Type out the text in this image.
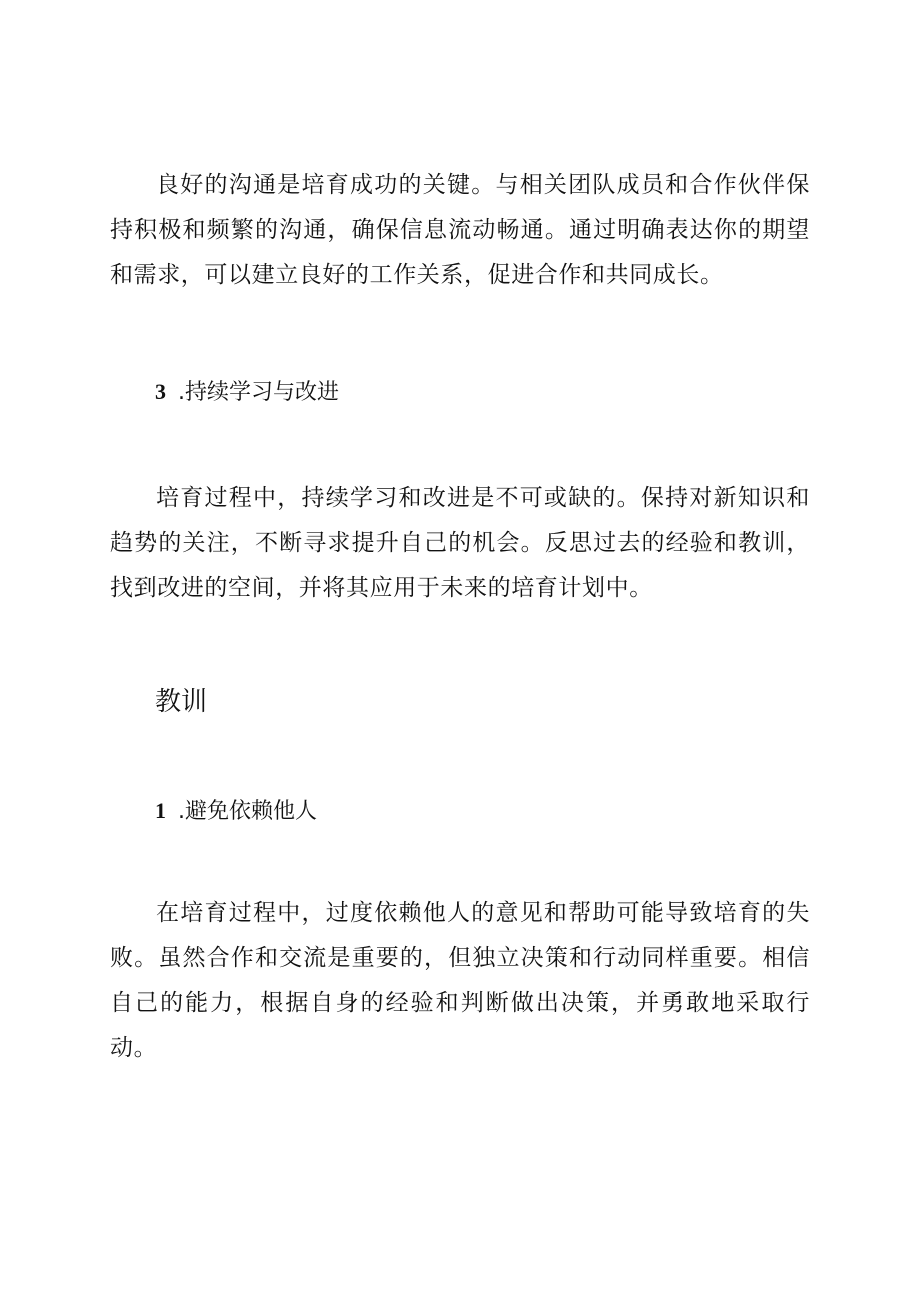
良好的沟通是培育成功的关键。与相关团队成员和合作伙伴保持积极和频繁的沟通，确保信息流动畅通。通过明确表达你的期望和需求，可以建立良好的工作关系，促进合作和共同成长。

3 .持续学习与改进

培育过程中，持续学习和改进是不可或缺的。保持对新知识和趋势的关注，不断寻求提升自己的机会。反思过去的经验和教训，找到改进的空间，并将其应用于未来的培育计划中。

教训
1 .避免依赖他人

在培育过程中，过度依赖他人的意见和帮助可能导致培育的失败。虽然合作和交流是重要的，但独立决策和行动同样重要。相信自己的能力，根据自身的经验和判断做出决策，并勇敢地采取行动。
